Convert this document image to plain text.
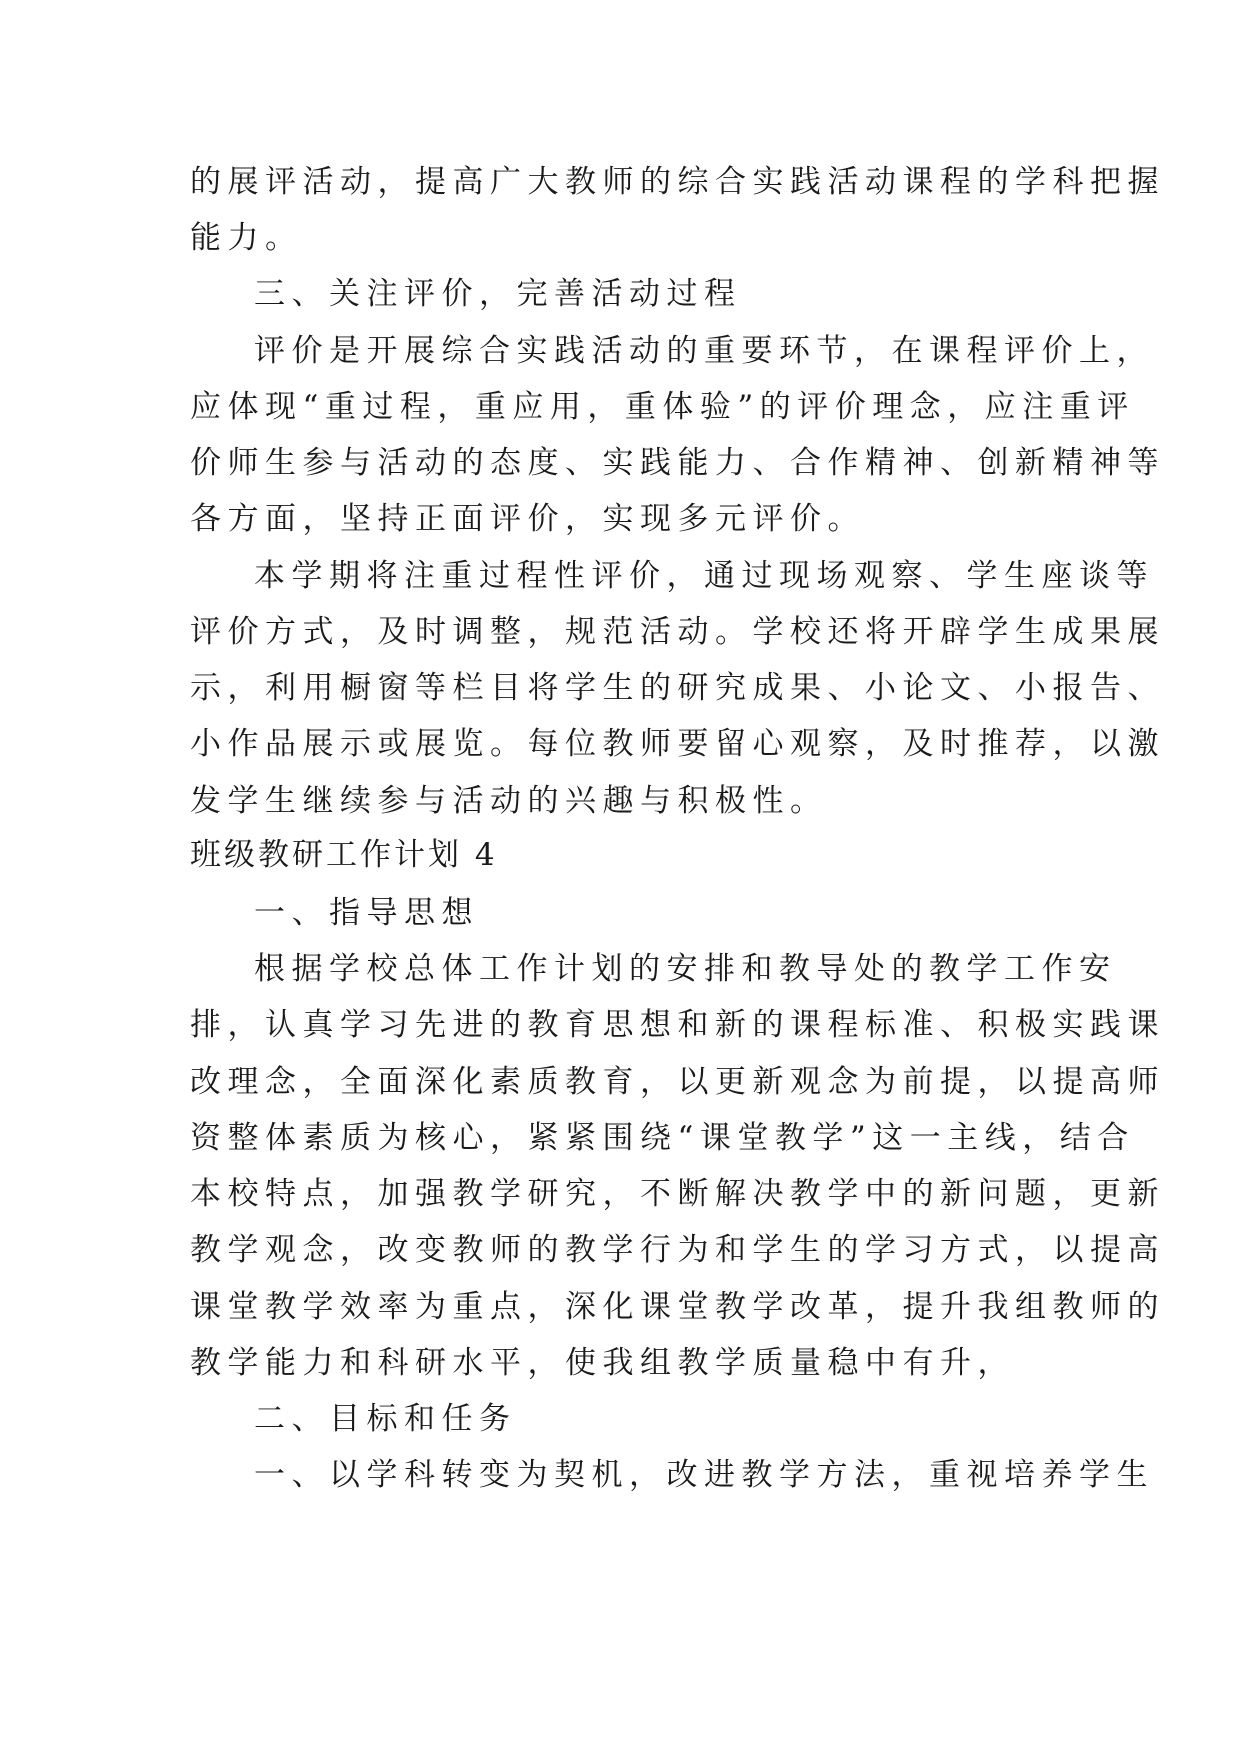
的展评活动，提高广大教师的综合实践活动课程的学科把握
能力。
三、关注评价，完善活动过程
评价是开展综合实践活动的重要环节，在课程评价上，
应体现“重过程，重应用，重体验”的评价理念，应注重评
价师生参与活动的态度、实践能力、合作精神、创新精神等
各方面，坚持正面评价，实现多元评价。
本学期将注重过程性评价，通过现场观察、学生座谈等
评价方式，及时调整，规范活动。学校还将开辟学生成果展
示，利用橱窗等栏目将学生的研究成果、小论文、小报告、
小作品展示或展览。每位教师要留心观察，及时推荐，以激
发学生继续参与活动的兴趣与积极性。
班级教研工作计划 4
一、指导思想
根据学校总体工作计划的安排和教导处的教学工作安
排，认真学习先进的教育思想和新的课程标准、积极实践课
改理念，全面深化素质教育，以更新观念为前提，以提高师
资整体素质为核心，紧紧围绕“课堂教学”这一主线，结合
本校特点，加强教学研究，不断解决教学中的新问题，更新
教学观念，改变教师的教学行为和学生的学习方式，以提高
课堂教学效率为重点，深化课堂教学改革，提升我组教师的
教学能力和科研水平，使我组教学质量稳中有升，
二、目标和任务
一、以学科转变为契机，改进教学方法，重视培养学生
